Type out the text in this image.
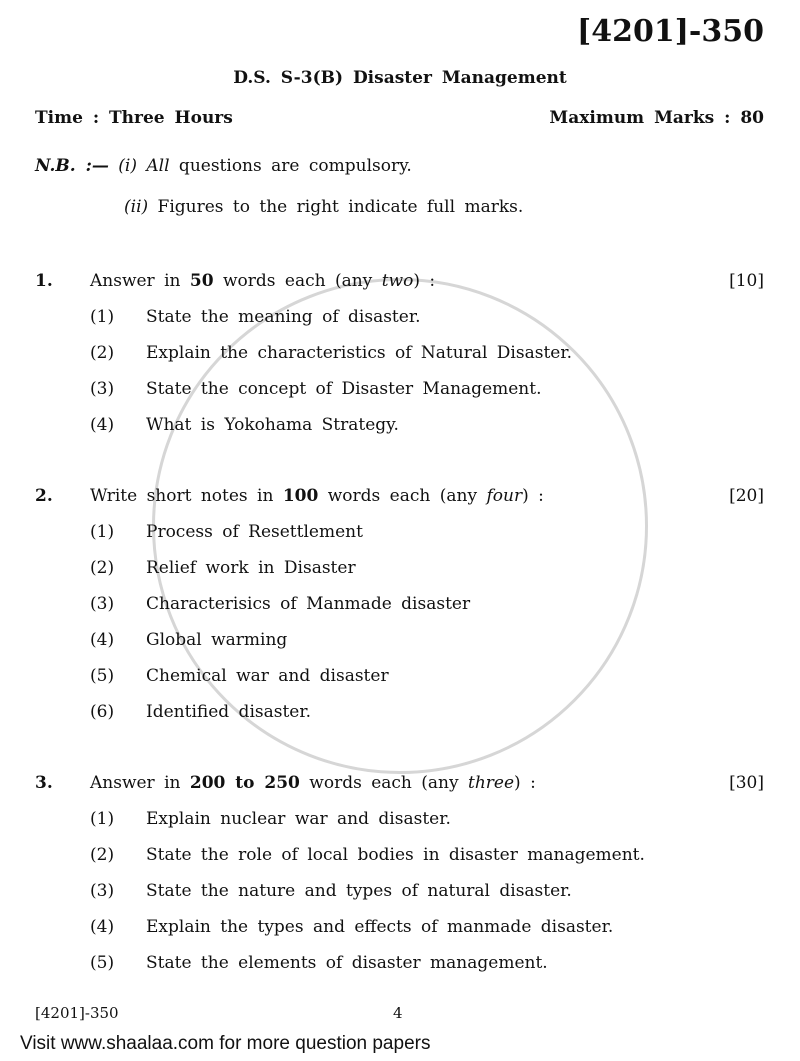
[4201]-350
D.S. S-3(B) Disaster Management
Time : Three Hours	Maximum Marks : 80
N.B. :— (i) All questions are compulsory.
(ii) Figures to the right indicate full marks.
1. Answer in 50 words each (any two) :	[10]
(1) State the meaning of disaster.
(2) Explain the characteristics of Natural Disaster.
(3) State the concept of Disaster Management.
(4) What is Yokohama Strategy.
2. Write short notes in 100 words each (any four) :	[20]
(1) Process of Resettlement
(2) Relief work in Disaster
(3) Characterisics of Manmade disaster
(4) Global warming
(5) Chemical war and disaster
(6) Identified disaster.
3. Answer in 200 to 250 words each (any three) :	[30]
(1) Explain nuclear war and disaster.
(2) State the role of local bodies in disaster management.
(3) State the nature and types of natural disaster.
(4) Explain the types and effects of manmade disaster.
(5) State the elements of disaster management.
[4201]-350	4
Visit www.shaalaa.com for more question papers
